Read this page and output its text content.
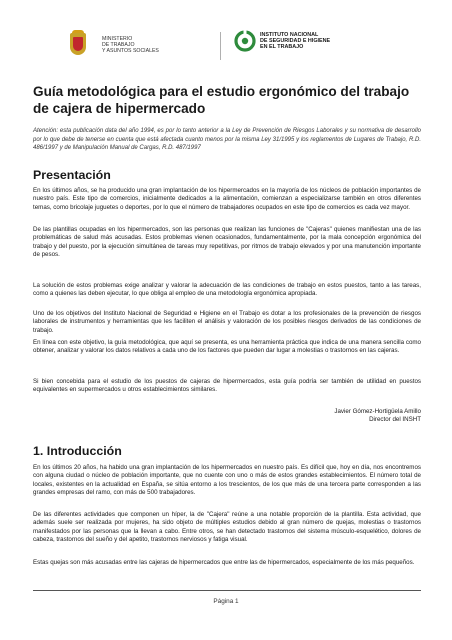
MINISTERIO
DE TRABAJO
Y ASUNTOS SOCIALES
INSTITUTO NACIONAL
DE SEGURIDAD E HIGIENE
EN EL TRABAJO
Guía metodológica para el estudio ergonómico del trabajo de cajera de hipermercado

Atención: esta publicación data del año 1994, es por lo tanto anterior a la Ley de Prevención de Riesgos Laborales y su normativa de desarrollo por lo que debe de tenerse en cuenta que está afectada cuanto menos por la misma Ley 31/1995 y los reglamentos de Lugares de Trabajo, R.D. 486/1997 y de Manipulación Manual de Cargas, R.D. 487/1997

Presentación

En los últimos años, se ha producido una gran implantación de los hipermercados en la mayoría de los núcleos de población importantes de nuestro país. Este tipo de comercios, inicialmente dedicados a la alimentación, comienzan a especializarse también en otros diferentes temas, como bricolaje juguetes o deportes, por lo que el número de trabajadores ocupados en este tipo de comercios es cada vez mayor.

De las plantillas ocupadas en los hipermercados, son las personas que realizan las funciones de "Cajeras" quienes manifiestan una de las problemáticas de salud más acusadas. Estos problemas vienen ocasionados, fundamentalmente, por la mala concepción ergonómica del trabajo y del puesto, por la ejecución simultánea de tareas muy repetitivas, por ritmos de trabajo elevados y por una manutención importante de pesos.

La solución de estos problemas exige analizar y valorar la adecuación de las condiciones de trabajo en estos puestos, tanto a las tareas, como a quienes las deben ejecutar, lo que obliga al empleo de una metodología ergonómica apropiada.

Uno de los objetivos del Instituto Nacional de Seguridad e Higiene en el Trabajo es dotar a los profesionales de la prevención de riesgos laborales de instrumentos y herramientas que les faciliten el análisis y valoración de los posibles riesgos derivados de las condiciones de trabajo.

En línea con este objetivo, la guía metodológica, que aquí se presenta, es una herramienta práctica que indica de una manera sencilla como obtener, analizar y valorar los datos relativos a cada uno de los factores que pueden dar lugar a molestias o trastornos en las cajeras.

Si bien concebida para el estudio de los puestos de cajeras de hipermercados, esta guía podría ser también de utilidad en puestos equivalentes en supermercados u otros establecimientos similares.

Javier Gómez-Hortigüela Amillo
Director del INSHT
1. Introducción

En los últimos 20 años, ha habido una gran implantación de los hipermercados en nuestro país. Es difícil que, hoy en día, nos encontremos con alguna ciudad o núcleo de población importante, que no cuente con uno o más de estos grandes establecimientos. El número total de locales, existentes en la actualidad en España, se sitúa entorno a los trescientos, de los que más de una tercera parte corresponden a las grandes empresas del ramo, con más de 500 trabajadores.

De las diferentes actividades que componen un híper, la de "Cajera" reúne a una notable proporción de la plantilla. Esta actividad, que además suele ser realizada por mujeres, ha sido objeto de múltiples estudios debido al gran número de quejas, molestias o trastornos manifestados por las personas que la llevan a cabo. Entre otros, se han detectado trastornos del sistema músculo-esquelético, dolores de cabeza, trastornos del sueño y del apetito, trastornos nerviosos y fatiga visual.

Estas quejas son más acusadas entre las cajeras de hipermercados que entre las de hipermercados, especialmente de los más pequeños.

Página 1
